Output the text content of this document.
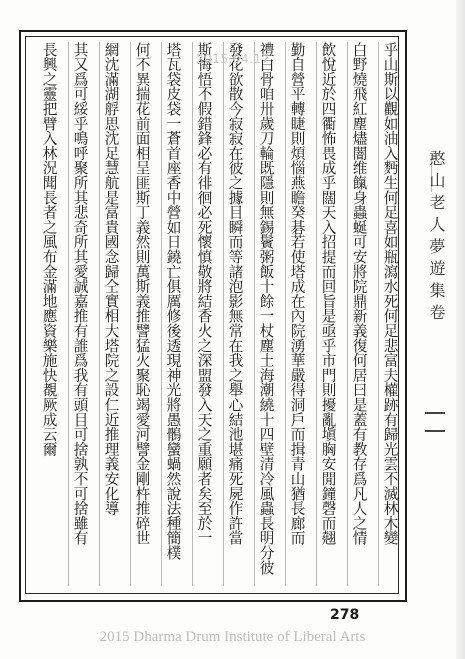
乎山斯以觀如油入麪生何足喜如瓶瀉水死何足悲富夫權跡有歸光雲不滅林木變
白野燒飛紅塵燼闇维餼身蟲蜒可安將院鼎新義復何居曰是蓋有教存爲凡人之情
飲悅近於四衢怖畏成乎闊天入招提而回旨是亟乎市門則擾亂塡胸安閒鐘磬而翹
勤自營平轉睫則煩惱燕瞻癸碁若使塔成在內院湧華嚴得洞戶而揖青山猶長廊而
禮白骨咱卅歲刀輪既隱則無錫鬢粥飯十餘一杖塵土海潮繞十四壁清冷風蟲長明分彼
發花欲散今寂寂在彼之據目瞬而等諸泡影無常在我之舉心結池堪痛死屍作許當
斯悔悟不假錯鋒必有徘徊必死懷慎敬將結香火之深盟發入天之重願者矣至於一
塔瓦袋皮袋一蒼首座香中營如日鐃亡俱厲修後透現神光將愚鶻蠻蝸然說法種簡樸
何不異揣花前面相呈匪斯丁義然則萬斯義推譬猛火聚恥竭愛河譬金剛杵推碎世
網沈滿湖艀思沈足慧航是富貴國念歸仝實相大塔院之設仁近推理義安化導
其又爲可綏乎鳴呼聚所其悲奇所其愛誠嘉推有誰爲我有頭目可捨孰不可捨雖有
長興之靈把臂入林況聞長者之風布金滿地應資樂施快覩厥成云爾	憨山老人夢遊集卷
2015.04.17
278
2015 Dharma Drum Institute of Liberal Arts
